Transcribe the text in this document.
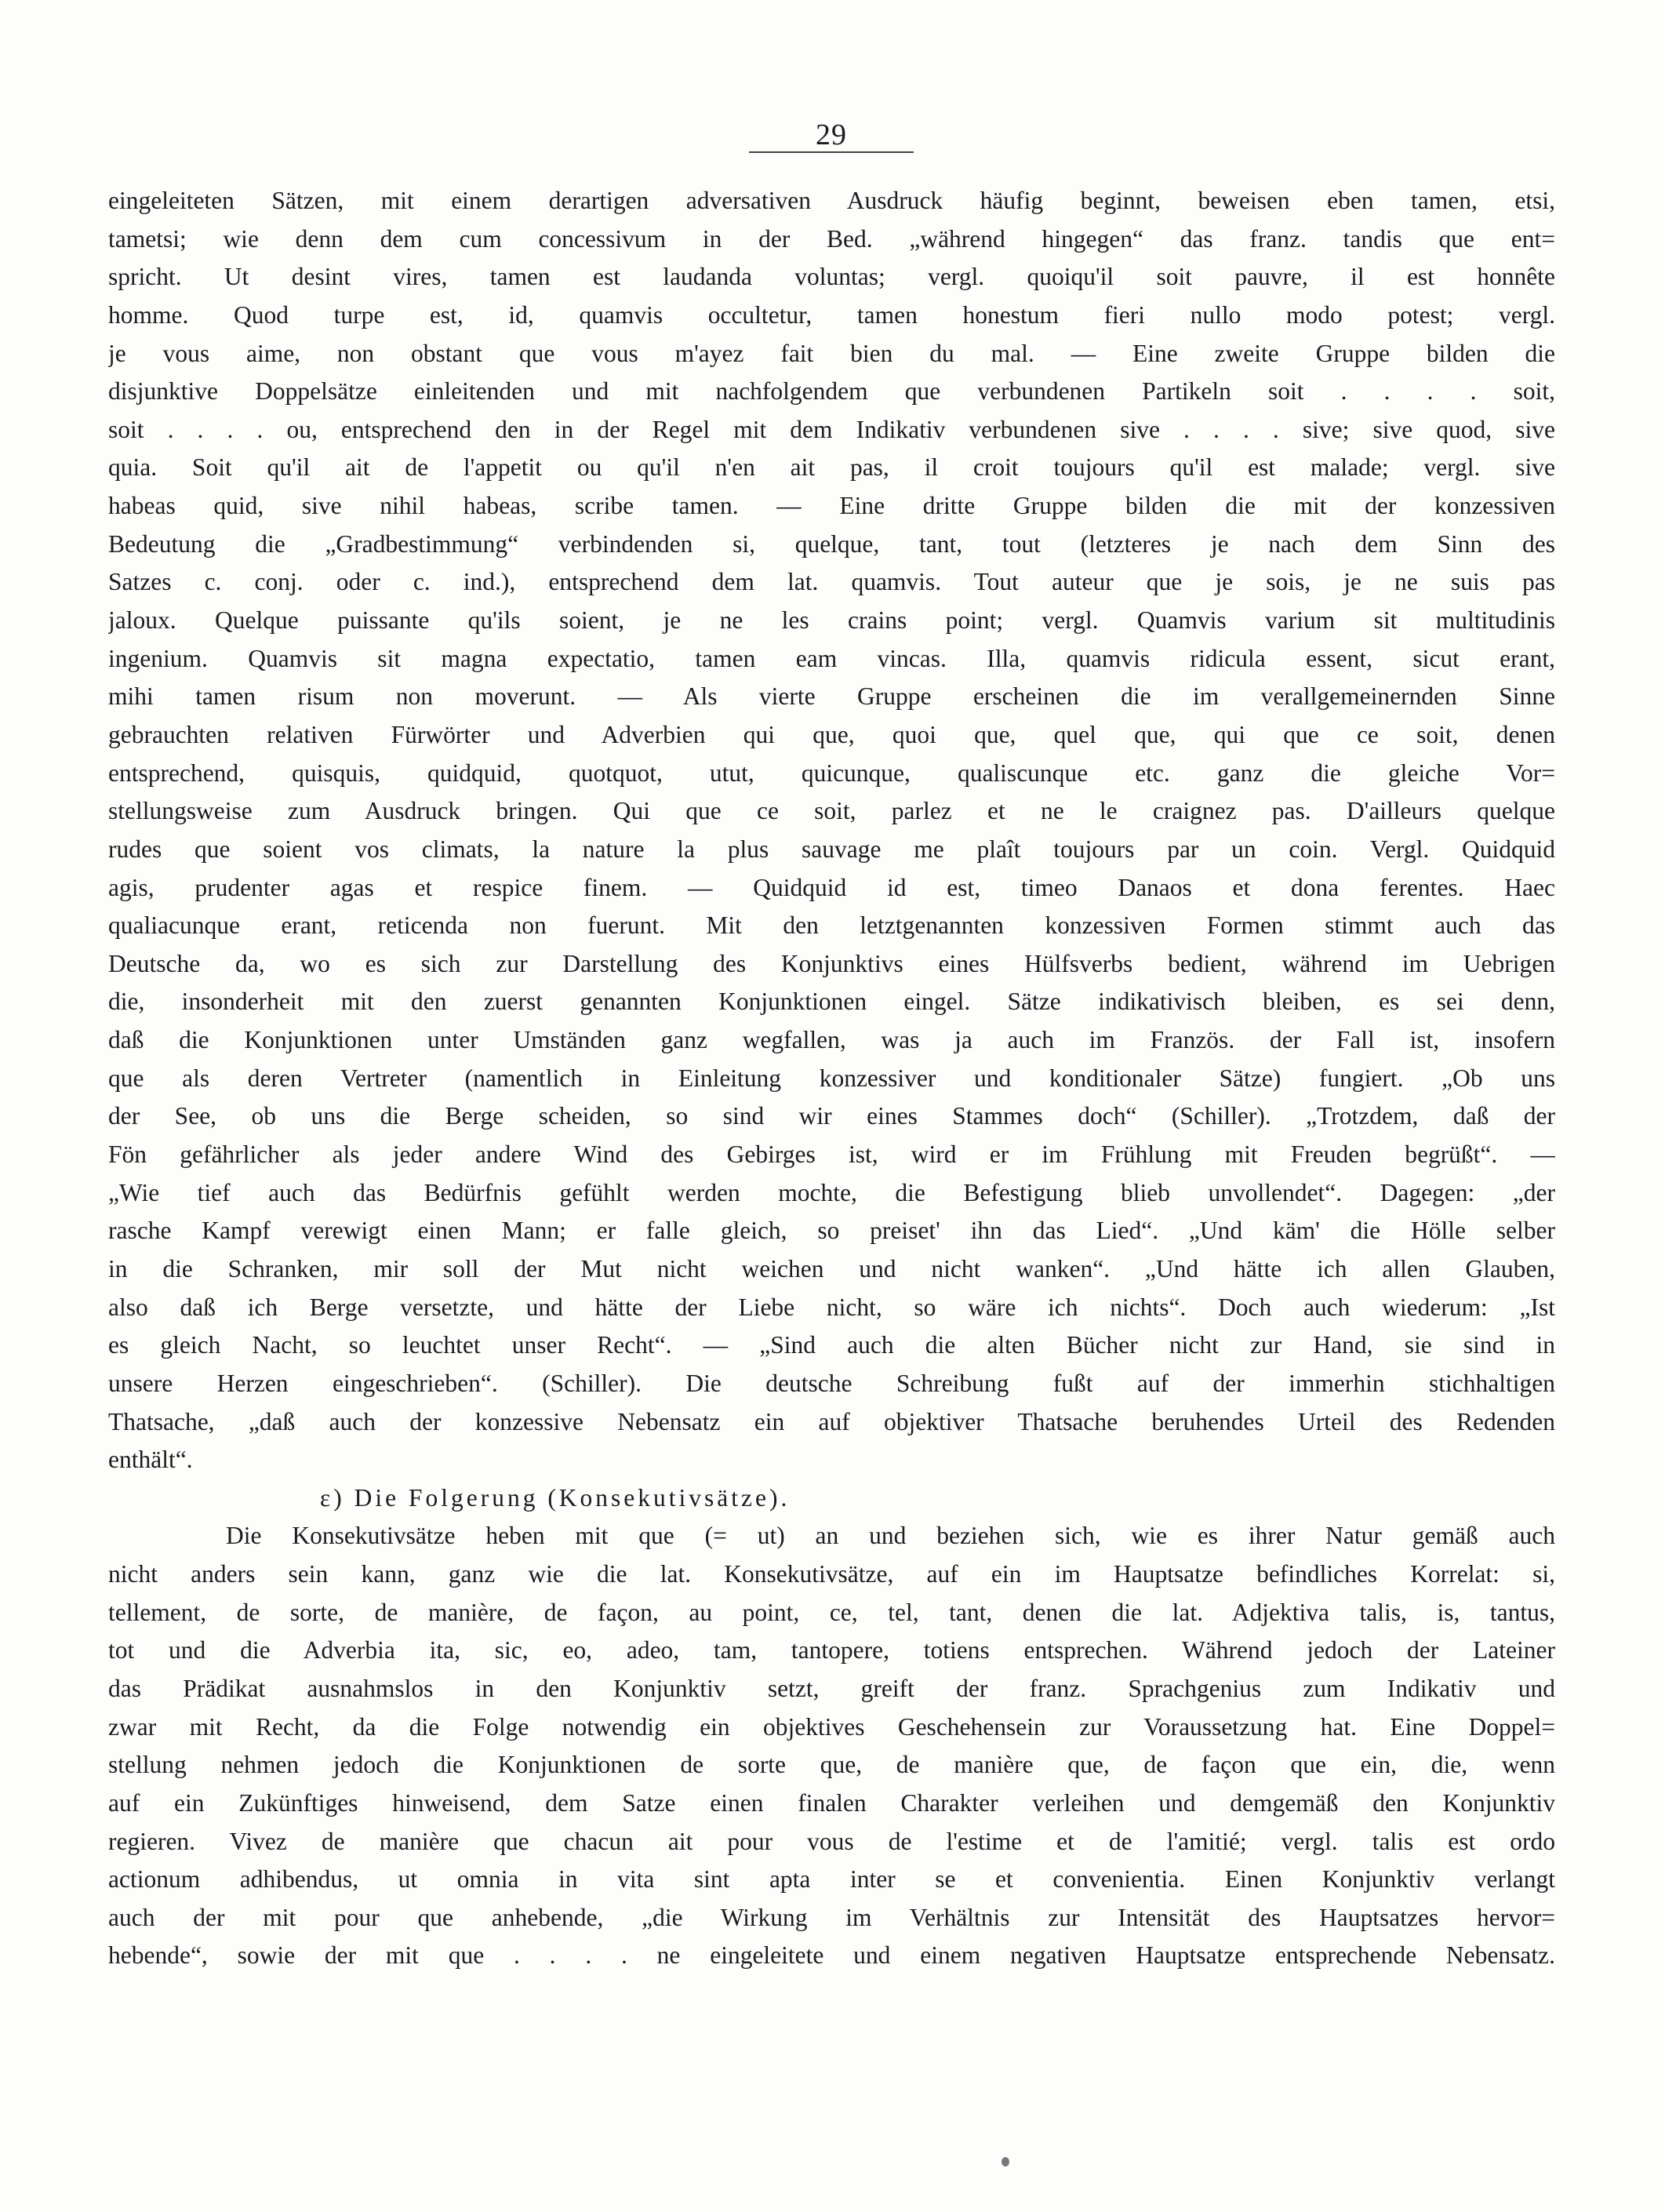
29
eingeleiteten Sätzen, mit einem derartigen adversativen Ausdruck häufig beginnt, beweisen eben tamen, etsi,
tametsi; wie denn dem cum concessivum in der Bed. „während hingegen“ das franz. tandis que ent=
spricht. Ut desint vires, tamen est laudanda voluntas; vergl. quoiqu'il soit pauvre, il est honnête
homme. Quod turpe est, id, quamvis occultetur, tamen honestum fieri nullo modo potest; vergl.
je vous aime, non obstant que vous m'ayez fait bien du mal. — Eine zweite Gruppe bilden die
disjunktive Doppelsätze einleitenden und mit nachfolgendem que verbundenen Partikeln soit . . . . soit,
soit . . . . ou, entsprechend den in der Regel mit dem Indikativ verbundenen sive . . . . sive; sive quod, sive
quia. Soit qu'il ait de l'appetit ou qu'il n'en ait pas, il croit toujours qu'il est malade; vergl. sive
habeas quid, sive nihil habeas, scribe tamen. — Eine dritte Gruppe bilden die mit der konzessiven
Bedeutung die „Gradbestimmung“ verbindenden si, quelque, tant, tout (letzteres je nach dem Sinn des
Satzes c. conj. oder c. ind.), entsprechend dem lat. quamvis. Tout auteur que je sois, je ne suis pas
jaloux. Quelque puissante qu'ils soient, je ne les crains point; vergl. Quamvis varium sit multitudinis
ingenium. Quamvis sit magna expectatio, tamen eam vincas. Illa, quamvis ridicula essent, sicut erant,
mihi tamen risum non moverunt. — Als vierte Gruppe erscheinen die im verallgemeinernden Sinne
gebrauchten relativen Fürwörter und Adverbien qui que, quoi que, quel que, qui que ce soit, denen
entsprechend, quisquis, quidquid, quotquot, utut, quicunque, qualiscunque etc. ganz die gleiche Vor=
stellungsweise zum Ausdruck bringen. Qui que ce soit, parlez et ne le craignez pas. D'ailleurs quelque
rudes que soient vos climats, la nature la plus sauvage me plaît toujours par un coin. Vergl. Quidquid
agis, prudenter agas et respice finem. — Quidquid id est, timeo Danaos et dona ferentes. Haec
qualiacunque erant, reticenda non fuerunt. Mit den letztgenannten konzessiven Formen stimmt auch das
Deutsche da, wo es sich zur Darstellung des Konjunktivs eines Hülfsverbs bedient, während im Uebrigen
die, insonderheit mit den zuerst genannten Konjunktionen eingel. Sätze indikativisch bleiben, es sei denn,
daß die Konjunktionen unter Umständen ganz wegfallen, was ja auch im Französ. der Fall ist, insofern
que als deren Vertreter (namentlich in Einleitung konzessiver und konditionaler Sätze) fungiert. „Ob uns
der See, ob uns die Berge scheiden, so sind wir eines Stammes doch“ (Schiller). „Trotzdem, daß der
Fön gefährlicher als jeder andere Wind des Gebirges ist, wird er im Frühlung mit Freuden begrüßt“. —
„Wie tief auch das Bedürfnis gefühlt werden mochte, die Befestigung blieb unvollendet“. Dagegen: „der
rasche Kampf verewigt einen Mann; er falle gleich, so preiset' ihn das Lied“. „Und käm' die Hölle selber
in die Schranken, mir soll der Mut nicht weichen und nicht wanken“. „Und hätte ich allen Glauben,
also daß ich Berge versetzte, und hätte der Liebe nicht, so wäre ich nichts“. Doch auch wiederum: „Ist
es gleich Nacht, so leuchtet unser Recht“. — „Sind auch die alten Bücher nicht zur Hand, sie sind in
unsere Herzen eingeschrieben“. (Schiller). Die deutsche Schreibung fußt auf der immerhin stichhaltigen
Thatsache, „daß auch der konzessive Nebensatz ein auf objektiver Thatsache beruhendes Urteil des Redenden
enthält“.
ε) Die Folgerung (Konsekutivsätze).
Die Konsekutivsätze heben mit que (= ut) an und beziehen sich, wie es ihrer Natur gemäß auch
nicht anders sein kann, ganz wie die lat. Konsekutivsätze, auf ein im Hauptsatze befindliches Korrelat: si,
tellement, de sorte, de manière, de façon, au point, ce, tel, tant, denen die lat. Adjektiva talis, is, tantus,
tot und die Adverbia ita, sic, eo, adeo, tam, tantopere, totiens entsprechen. Während jedoch der Lateiner
das Prädikat ausnahmslos in den Konjunktiv setzt, greift der franz. Sprachgenius zum Indikativ und
zwar mit Recht, da die Folge notwendig ein objektives Geschehensein zur Voraussetzung hat. Eine Doppel=
stellung nehmen jedoch die Konjunktionen de sorte que, de manière que, de façon que ein, die, wenn
auf ein Zukünftiges hinweisend, dem Satze einen finalen Charakter verleihen und demgemäß den Konjunktiv
regieren. Vivez de manière que chacun ait pour vous de l'estime et de l'amitié; vergl. talis est ordo
actionum adhibendus, ut omnia in vita sint apta inter se et convenientia. Einen Konjunktiv verlangt
auch der mit pour que anhebende, „die Wirkung im Verhältnis zur Intensität des Hauptsatzes hervor=
hebende“, sowie der mit que . . . . ne eingeleitete und einem negativen Hauptsatze entsprechende Nebensatz.
